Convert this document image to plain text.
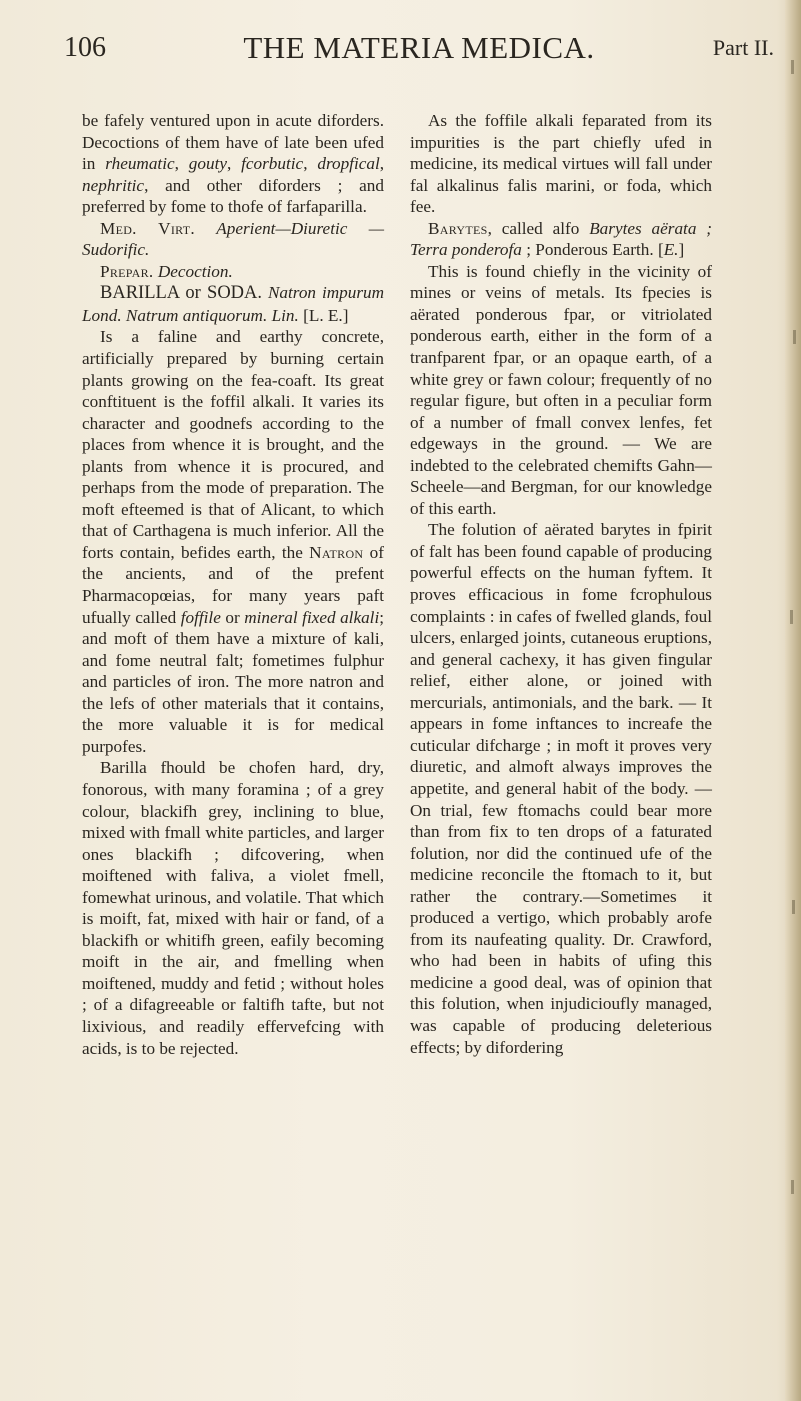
106	THE MATERIA MEDICA.	Part II.

be fafely ventured upon in acute diforders. Decoctions of them have of late been ufed in rheumatic, gouty, fcorbutic, dropfical, nephritic, and other diforders ; and preferred by fome to thofe of farfaparilla.

Med. Virt. Aperient—Diuretic —Sudorific.

Prepar. Decoction.

BARILLA or SODA. Natron impurum Lond. Natrum antiquorum. Lin. [L. E.]

Is a faline and earthy concrete, artificially prepared by burning certain plants growing on the fea-coaft. Its great conftituent is the foffil alkali. It varies its character and goodnefs according to the places from whence it is brought, and the plants from whence it is procured, and perhaps from the mode of preparation. The moft efteemed is that of Alicant, to which that of Carthagena is much inferior. All the forts contain, befides earth, the Natron of the ancients, and of the prefent Pharmacopœias, for many years paft ufually called foffile or mineral fixed alkali; and moft of them have a mixture of kali, and fome neutral falt; fometimes fulphur and particles of iron. The more natron and the lefs of other materials that it contains, the more valuable it is for medical purpofes.

Barilla fhould be chofen hard, dry, fonorous, with many foramina ; of a grey colour, blackifh grey, inclining to blue, mixed with fmall white particles, and larger ones blackifh ; difcovering, when moiftened with faliva, a violet fmell, fomewhat urinous, and volatile. That which is moift, fat, mixed with hair or fand, of a blackifh or whitifh green, eafily becoming moift in the air, and fmelling when moiftened, muddy and fetid ; without holes ; of a difagreeable or faltifh tafte, but not lixivious, and readily effervefcing with acids, is to be rejected.

As the foffile alkali feparated from its impurities is the part chiefly ufed in medicine, its medical virtues will fall under fal alkalinus falis marini, or foda, which fee.

Barytes, called alfo Barytes aërata ; Terra ponderofa ; Ponderous Earth. [E.]

This is found chiefly in the vicinity of mines or veins of metals. Its fpecies is aërated ponderous fpar, or vitriolated ponderous earth, either in the form of a tranfparent fpar, or an opaque earth, of a white grey or fawn colour; frequently of no regular figure, but often in a peculiar form of a number of fmall convex lenfes, fet edgeways in the ground. — We are indebted to the celebrated chemifts Gahn—Scheele—and Bergman, for our knowledge of this earth.

The folution of aërated barytes in fpirit of falt has been found capable of producing powerful effects on the human fyftem. It proves efficacious in fome fcrophulous complaints : in cafes of fwelled glands, foul ulcers, enlarged joints, cutaneous eruptions, and general cachexy, it has given fingular relief, either alone, or joined with mercurials, antimonials, and the bark. — It appears in fome inftances to increafe the cuticular difcharge ; in moft it proves very diuretic, and almoft always improves the appetite, and general habit of the body. — On trial, few ftomachs could bear more than from fix to ten drops of a faturated folution, nor did the continued ufe of the medicine reconcile the ftomach to it, but rather the contrary.—Sometimes it produced a vertigo, which probably arofe from its naufeating quality. Dr. Crawford, who had been in habits of ufing this medicine a good deal, was of opinion that this folution, when injudicioufly managed, was capable of producing deleterious effects; by difordering
